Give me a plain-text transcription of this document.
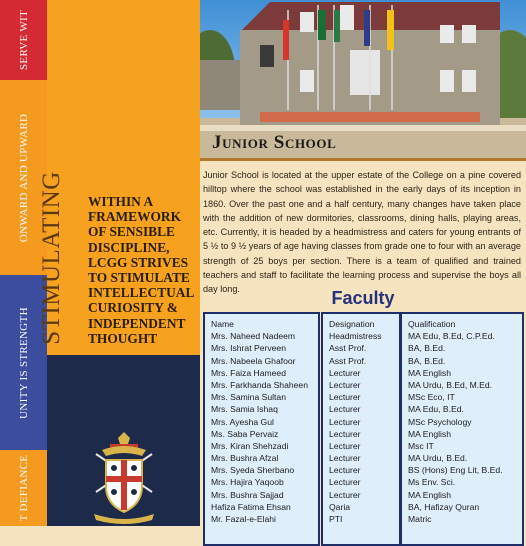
SERVE WIT
ONWARD AND UPWARD
UNITY IS STRENGTH
T DEFIANCE
STIMULATING WITHIN A FRAMEWORK OF SENSIBLE DISCIPLINE, LCGG STRIVES TO STIMULATE INTELLECTUAL CURIOSITY & INDEPENDENT THOUGHT
Junior School
Junior School is located at the upper estate of the College on a pine covered hilltop where the school was established in the early days of its inception in 1860. Over the past one and a half century, many changes have taken place with the addition of new dormitories, classrooms, dining halls, playing areas, etc. Currently, it is headed by a headmistress and caters for young entrants of 5 ½ to 9 ½ years of age having classes from grade one to four with an average strength of 25 boys per section. There is a team of qualified and trained teachers and staff to facilitate the learning process and supervise the boys all day long.	Faculty
Name
Mrs. Naheed Nadeem
Mrs. Ishrat Perveen
Mrs. Nabeela Ghafoor
Mrs. Faiza Hameed
Mrs. Farkhanda Shaheen
Mrs. Samina Sultan
Mrs. Samia Ishaq
Mrs. Ayesha Gul
Ms. Saba Pervaiz
Mrs. Kiran Shehzadi
Mrs. Bushra Afzal
Mrs. Syeda Sherbano
Mrs. Hajira Yaqoob
Mrs. Bushra Sajjad
Hafiza Fatima Ehsan
Mr. Fazal-e-Elahi
Designation
Headmistress
Asst Prof.
Asst Prof.
Lecturer
Lecturer
Lecturer
Lecturer
Lecturer
Lecturer
Lecturer
Lecturer
Lecturer
Lecturer
Lecturer
Qaria
PTI
Qualification
MA Edu, B.Ed, C.P.Ed.
BA, B.Ed.
BA, B.Ed.
MA English
MA Urdu, B.Ed, M.Ed.
MSc Eco, IT
MA Edu, B.Ed.
MSc Psychology
MA English
Msc IT
MA Urdu, B.Ed.
BS (Hons) Eng Lit, B.Ed.
Ms Env. Sci.
MA English
BA, Hafizay Quran
Matric
